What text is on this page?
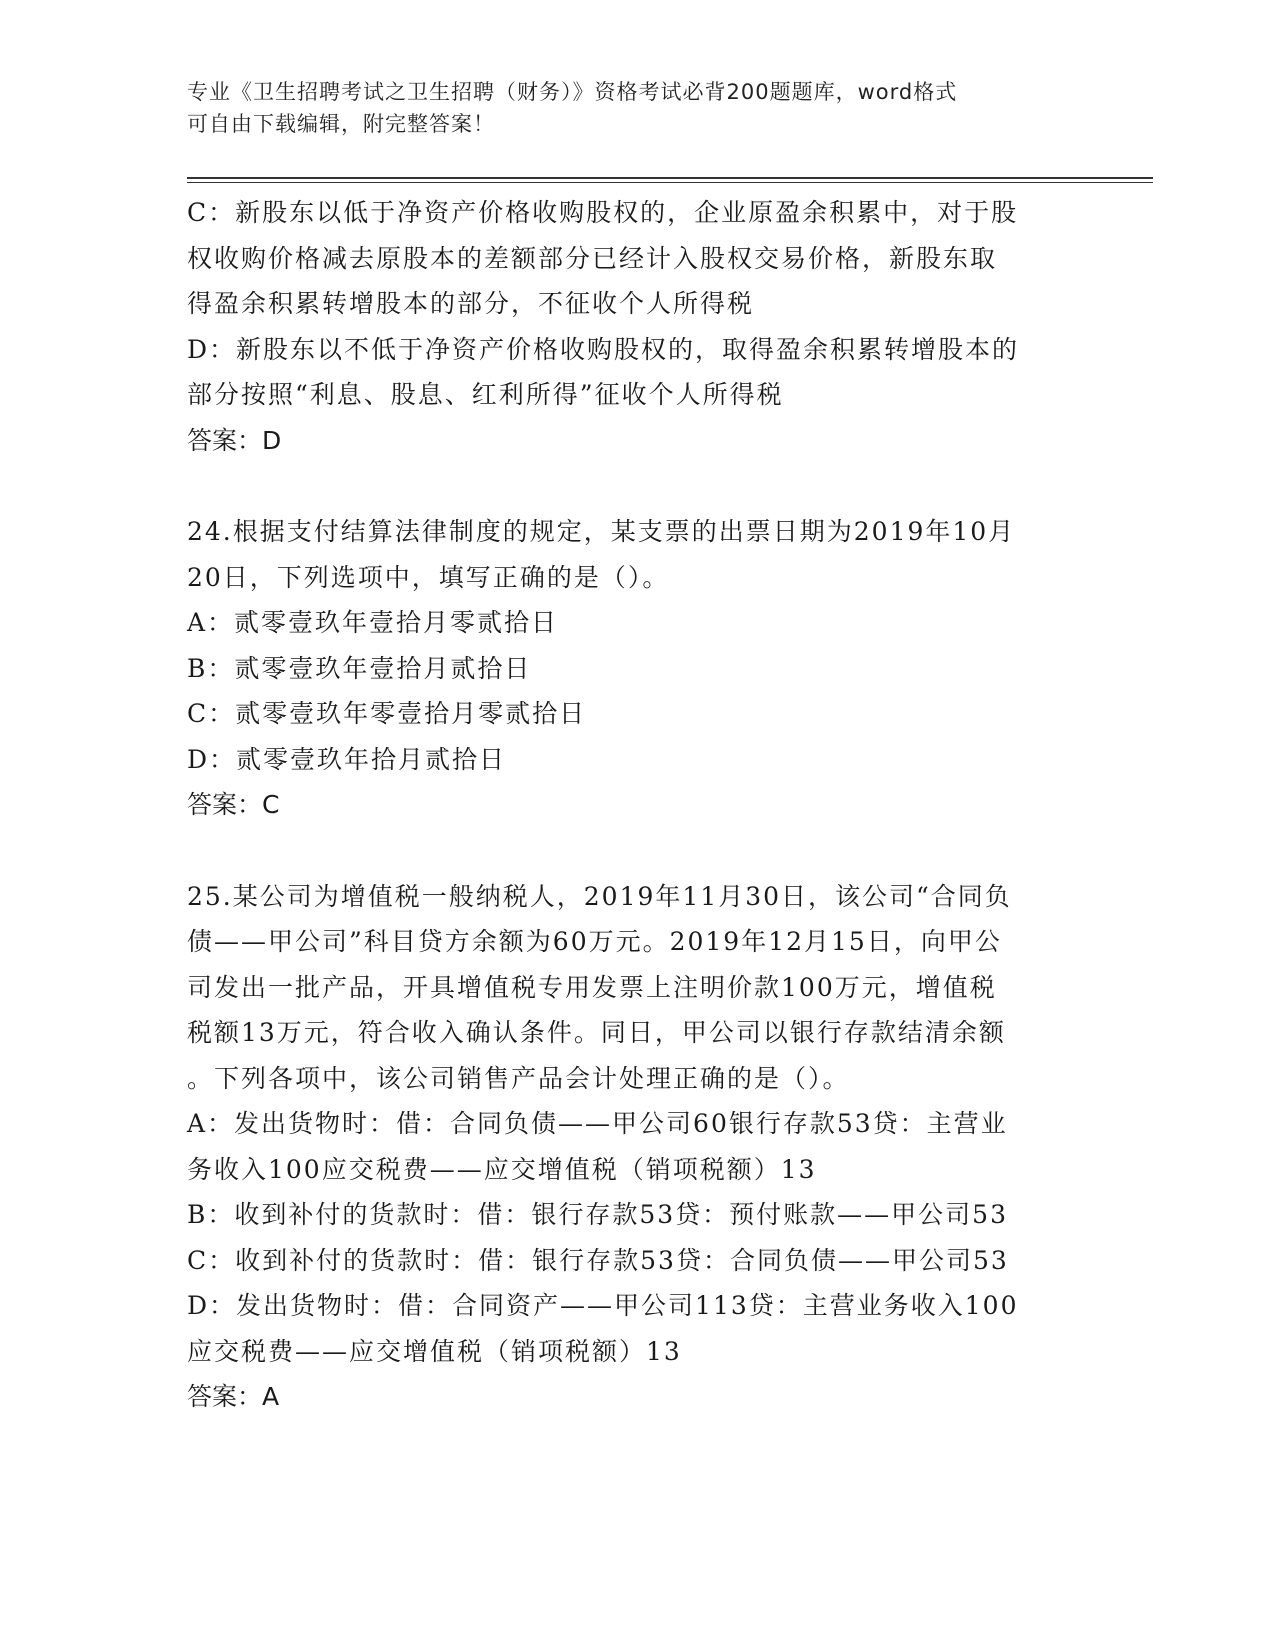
专业《卫生招聘考试之卫生招聘（财务）》资格考试必背200题题库，word格式
可自由下载编辑，附完整答案！

C：新股东以低于净资产价格收购股权的，企业原盈余积累中，对于股

权收购价格减去原股本的差额部分已经计入股权交易价格，新股东取

得盈余积累转增股本的部分，不征收个人所得税

D：新股东以不低于净资产价格收购股权的，取得盈余积累转增股本的

部分按照“利息、股息、红利所得”征收个人所得税

答案：D

24.根据支付结算法律制度的规定，某支票的出票日期为2019年10月

20日，下列选项中，填写正确的是（）。

A：贰零壹玖年壹拾月零贰拾日

B：贰零壹玖年壹拾月贰拾日

C：贰零壹玖年零壹拾月零贰拾日

D：贰零壹玖年拾月贰拾日

答案：C

25.某公司为增值税一般纳税人，2019年11月30日，该公司“合同负

债——甲公司”科目贷方余额为60万元。2019年12月15日，向甲公

司发出一批产品，开具增值税专用发票上注明价款100万元，增值税

税额13万元，符合收入确认条件。同日，甲公司以银行存款结清余额

。下列各项中，该公司销售产品会计处理正确的是（）。

A：发出货物时：借：合同负债——甲公司60银行存款53贷：主营业

务收入100应交税费——应交增值税（销项税额）13

B：收到补付的货款时：借：银行存款53贷：预付账款——甲公司53

C：收到补付的货款时：借：银行存款53贷：合同负债——甲公司53

D：发出货物时：借：合同资产——甲公司113贷：主营业务收入100

应交税费——应交增值税（销项税额）13

答案：A
